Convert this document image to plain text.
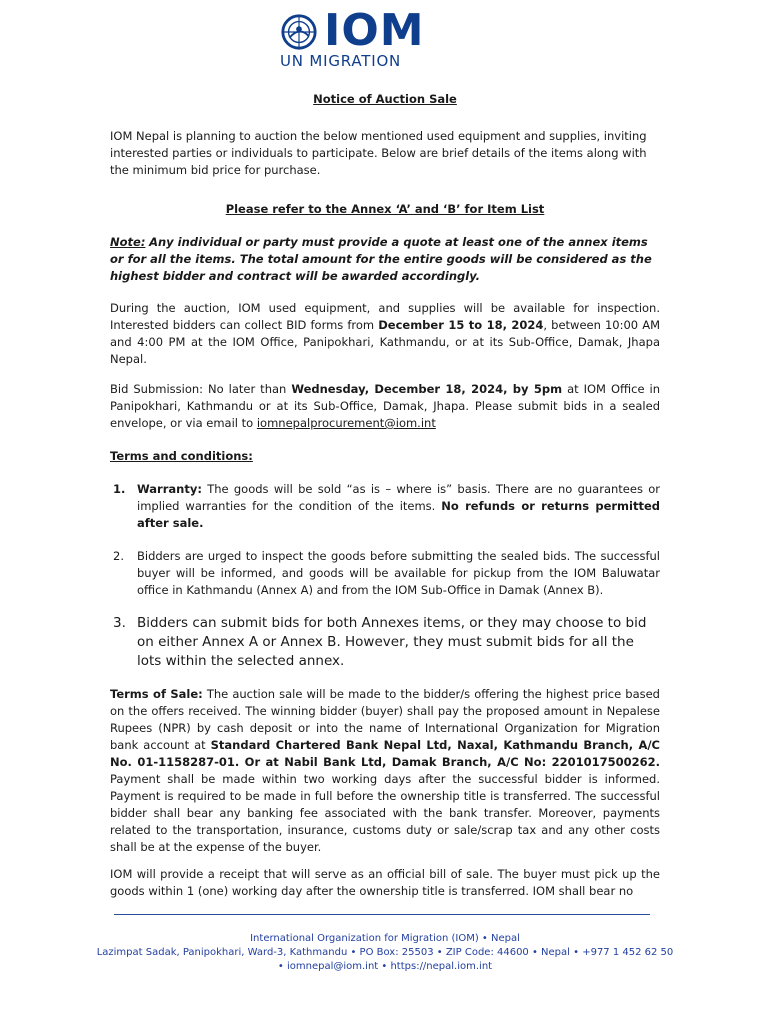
IOM
UN MIGRATION
Notice of Auction Sale
IOM Nepal is planning to auction the below mentioned used equipment and supplies, inviting interested parties or individuals to participate. Below are brief details of the items along with the minimum bid price for purchase.
Please refer to the Annex ‘A’ and ‘B’ for Item List
Note: Any individual or party must provide a quote at least one of the annex items or for all the items. The total amount for the entire goods will be considered as the highest bidder and contract will be awarded accordingly.
During the auction, IOM used equipment, and supplies will be available for inspection. Interested bidders can collect BID forms from December 15 to 18, 2024, between 10:00 AM and 4:00 PM at the IOM Office, Panipokhari, Kathmandu, or at its Sub-Office, Damak, Jhapa Nepal.
Bid Submission: No later than Wednesday, December 18, 2024, by 5pm at IOM Office in Panipokhari, Kathmandu or at its Sub-Office, Damak, Jhapa. Please submit bids in a sealed envelope, or via email to iomnepalprocurement@iom.int
Terms and conditions:
1. Warranty: The goods will be sold “as is – where is” basis. There are no guarantees or implied warranties for the condition of the items. No refunds or returns permitted after sale.
2. Bidders are urged to inspect the goods before submitting the sealed bids. The successful buyer will be informed, and goods will be available for pickup from the IOM Baluwatar office in Kathmandu (Annex A) and from the IOM Sub-Office in Damak (Annex B).
3. Bidders can submit bids for both Annexes items, or they may choose to bid on either Annex A or Annex B. However, they must submit bids for all the lots within the selected annex.
Terms of Sale: The auction sale will be made to the bidder/s offering the highest price based on the offers received. The winning bidder (buyer) shall pay the proposed amount in Nepalese Rupees (NPR) by cash deposit or into the name of International Organization for Migration bank account at Standard Chartered Bank Nepal Ltd, Naxal, Kathmandu Branch, A/C No. 01-1158287-01. Or at Nabil Bank Ltd, Damak Branch, A/C No: 2201017500262. Payment shall be made within two working days after the successful bidder is informed. Payment is required to be made in full before the ownership title is transferred. The successful bidder shall bear any banking fee associated with the bank transfer. Moreover, payments related to the transportation, insurance, customs duty or sale/scrap tax and any other costs shall be at the expense of the buyer.
IOM will provide a receipt that will serve as an official bill of sale. The buyer must pick up the goods within 1 (one) working day after the ownership title is transferred. IOM shall bear no
International Organization for Migration (IOM) • Nepal
Lazimpat Sadak, Panipokhari, Ward-3, Kathmandu • PO Box: 25503 • ZIP Code: 44600 • Nepal • +977 1 452 62 50
• iomnepal@iom.int • https://nepal.iom.int
